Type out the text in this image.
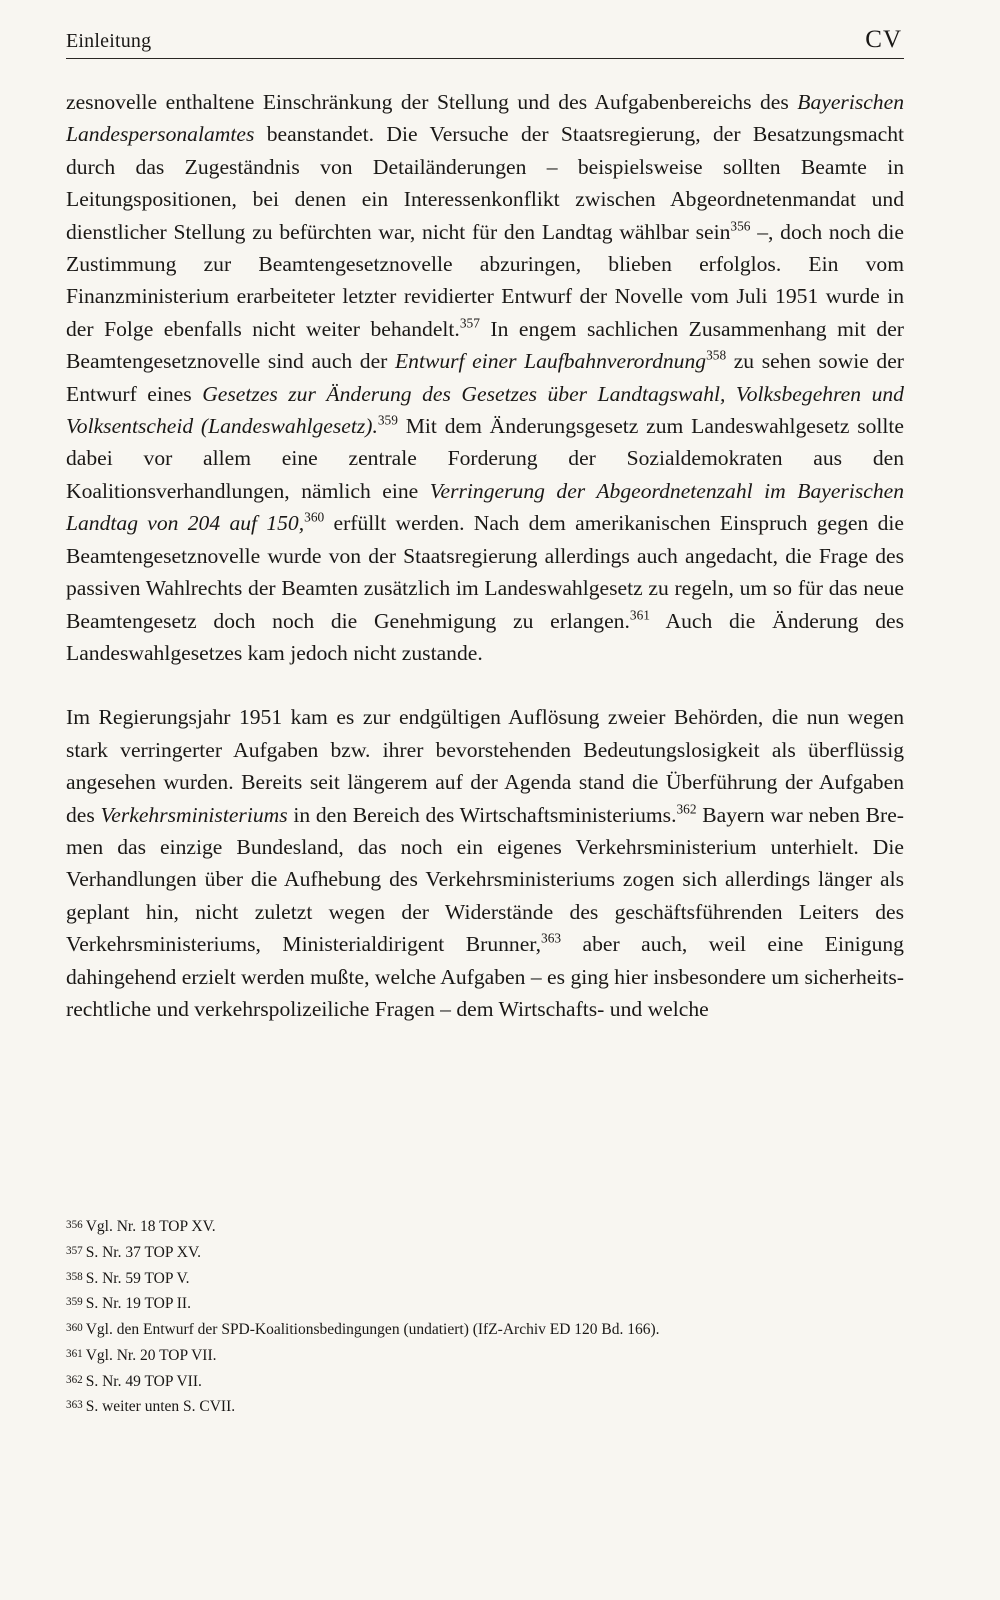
Einleitung	CV

zesnovelle enthaltene Einschränkung der Stellung und des Aufgabenbereichs des Bayerischen Landespersonalamtes beanstandet. Die Versuche der Staatsregierung, der Besatzungsmacht durch das Zugeständnis von Detailänderungen – beispielsweise sollten Beamte in Leitungspositionen, bei denen ein Interessenkonflikt zwischen Abgeordnetenmandat und dienstlicher Stellung zu befürchten war, nicht für den Landtag wählbar sein$^{356}$ –, doch noch die Zustimmung zur Beamtengesetznovelle abzuringen, blieben erfolglos. Ein vom Finanzministerium erarbeiteter letzter revidierter Entwurf der Novelle vom Juli 1951 wurde in der Folge ebenfalls nicht weiter behandelt.$^{357}$ In engem sachlichen Zusammenhang mit der Beamtengesetznovelle sind auch der Entwurf einer Laufbahnverordnung$^{358}$ zu sehen sowie der Entwurf eines Gesetzes zur Änderung des Gesetzes über Landtagswahl, Volksbegehren und Volksentscheid (Landeswahlgesetz).$^{359}$ Mit dem Änderungsgesetz zum Landeswahlgesetz sollte dabei vor allem eine zentrale Forderung der Sozialdemokraten aus den Koalitionsverhandlungen, nämlich eine Verringerung der Abgeordnetenzahl im Bayerischen Landtag von 204 auf 150,$^{360}$ erfüllt werden. Nach dem amerikanischen Einspruch gegen die Beamtengesetznovelle wurde von der Staatsregierung allerdings auch angedacht, die Frage des passiven Wahlrechts der Beamten zusätzlich im Landeswahlgesetz zu regeln, um so für das neue Beamtengesetz doch noch die Genehmigung zu erlangen.$^{361}$ Auch die Änderung des Landeswahlgesetzes kam jedoch nicht zustande.

Im Regierungsjahr 1951 kam es zur endgültigen Auflösung zweier Behörden, die nun wegen stark verringerter Aufgaben bzw. ihrer bevorstehenden Bedeutungslosigkeit als überflüssig angesehen wurden. Bereits seit längerem auf der Agenda stand die Überführung der Aufgaben des Verkehrsministeriums in den Bereich des Wirtschaftsministeriums.$^{362}$ Bayern war neben Bremen das einzige Bundesland, das noch ein eigenes Verkehrsministerium unterhielt. Die Verhandlungen über die Aufhebung des Verkehrsministeriums zogen sich allerdings länger als geplant hin, nicht zuletzt wegen der Widerstände des geschäftsführenden Leiters des Verkehrsministeriums, Ministerialdirigent Brunner,$^{363}$ aber auch, weil eine Einigung dahingehend erzielt werden mußte, welche Aufgaben – es ging hier insbesondere um sicherheitsrechtliche und verkehrspolizeiliche Fragen – dem Wirtschafts- und welche

356 Vgl. Nr. 18 TOP XV.
357 S. Nr. 37 TOP XV.
358 S. Nr. 59 TOP V.
359 S. Nr. 19 TOP II.
360 Vgl. den Entwurf der SPD-Koalitionsbedingungen (undatiert) (IfZ-Archiv ED 120 Bd. 166).
361 Vgl. Nr. 20 TOP VII.
362 S. Nr. 49 TOP VII.
363 S. weiter unten S. CVII.
